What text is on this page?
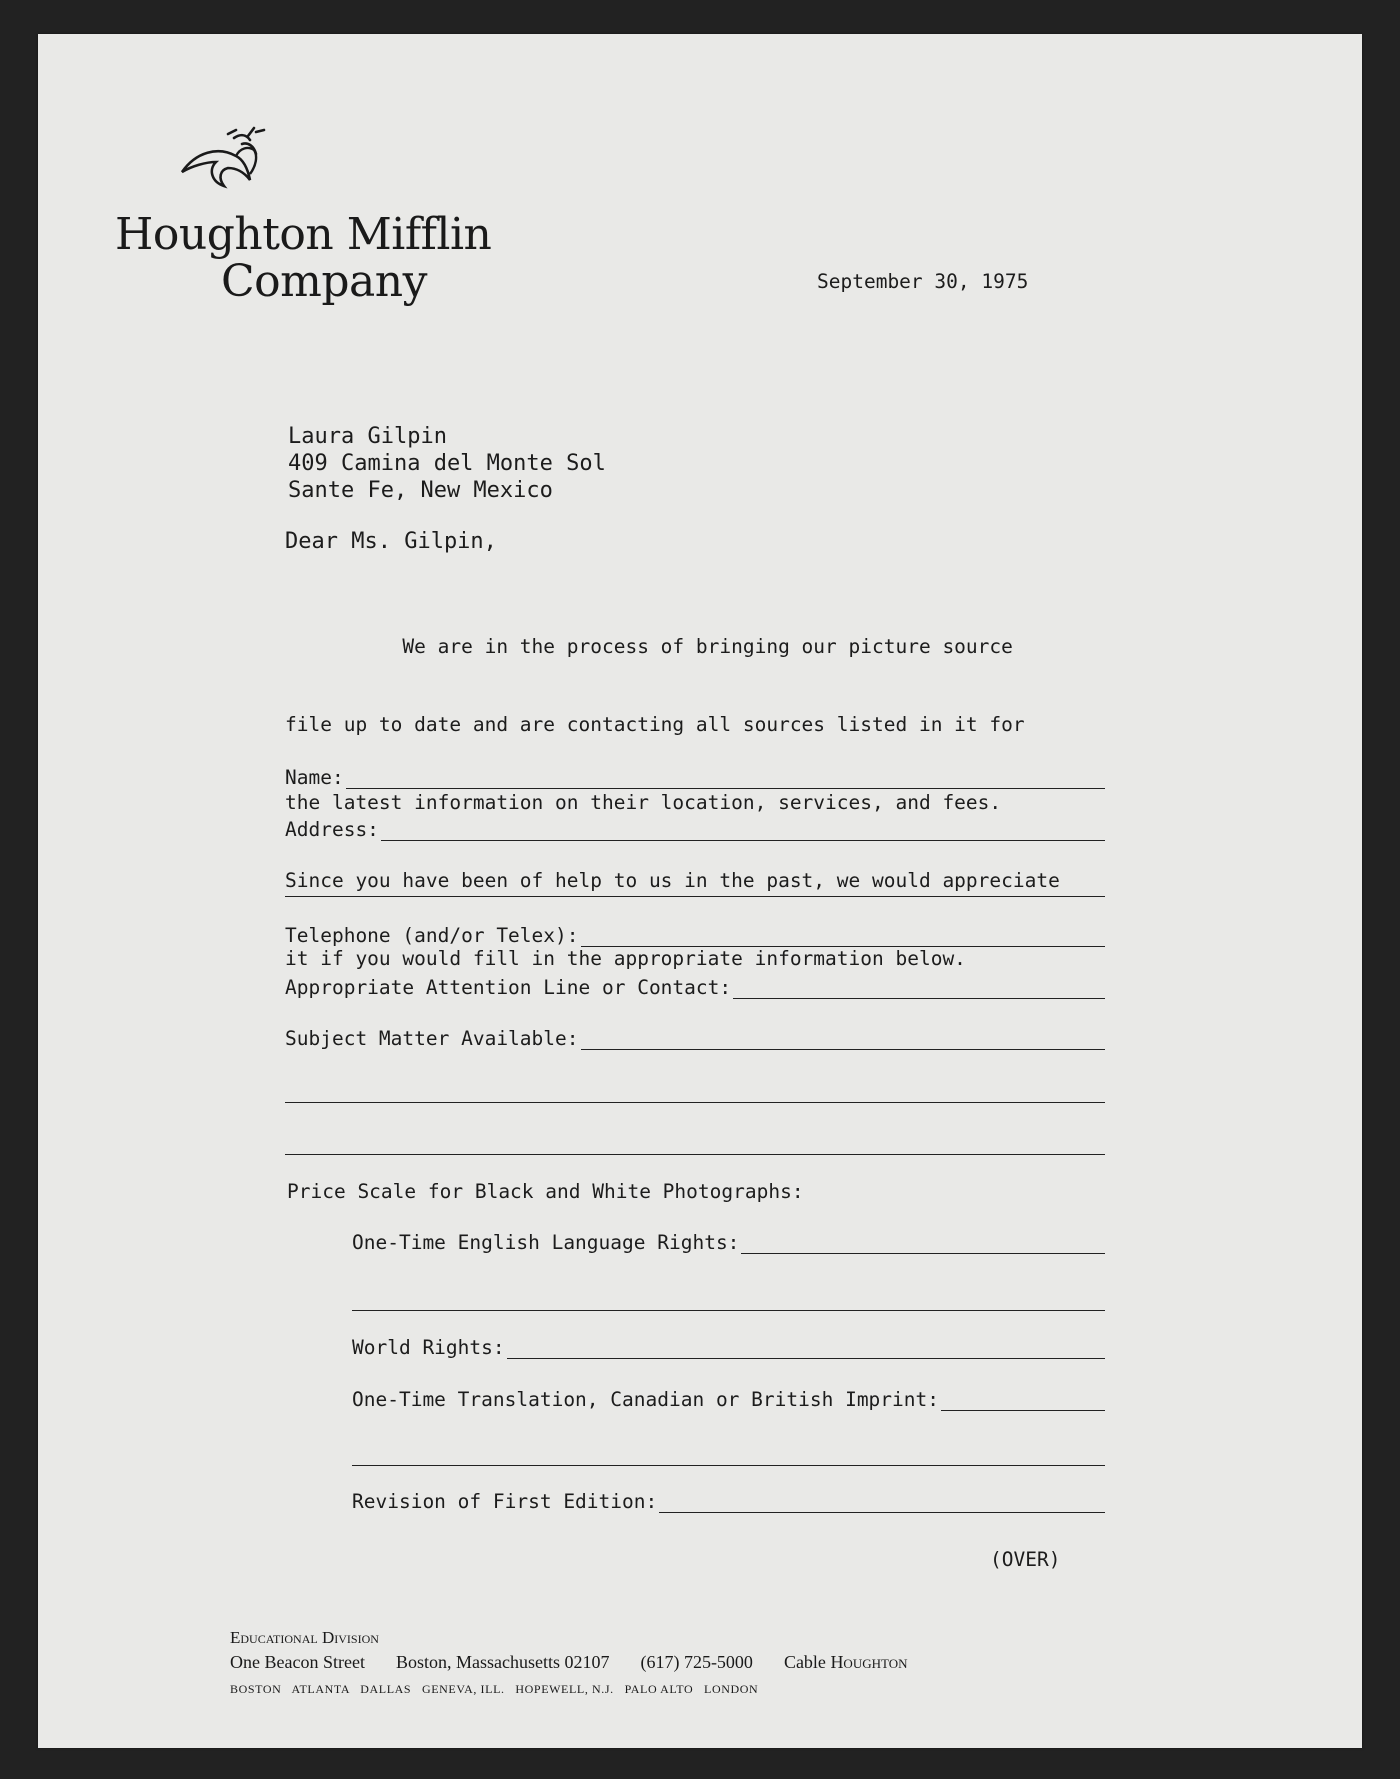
Houghton Mifflin
Company	September 30, 1975
Laura Gilpin
409 Camina del Monte Sol
Sante Fe, New Mexico
Dear Ms. Gilpin,

We are in the process of bringing our picture source

file up to date and are contacting all sources listed in it for

the latest information on their location, services, and fees.

Since you have been of help to us in the past, we would appreciate

it if you would fill in the appropriate information below.

Name:
Address:
Telephone (and/or Telex):
Appropriate Attention Line or Contact:
Subject Matter Available:
Price Scale for Black and White Photographs:
One-Time English Language Rights:
World Rights:
One-Time Translation, Canadian or British Imprint:
Revision of First Edition:
(OVER)
Educational Division
One Beacon Street Boston, Massachusetts 02107 (617) 725-5000 Cable Houghton
BOSTON   ATLANTA   DALLAS   GENEVA, ILL.   HOPEWELL, N.J.   PALO ALTO   LONDON
